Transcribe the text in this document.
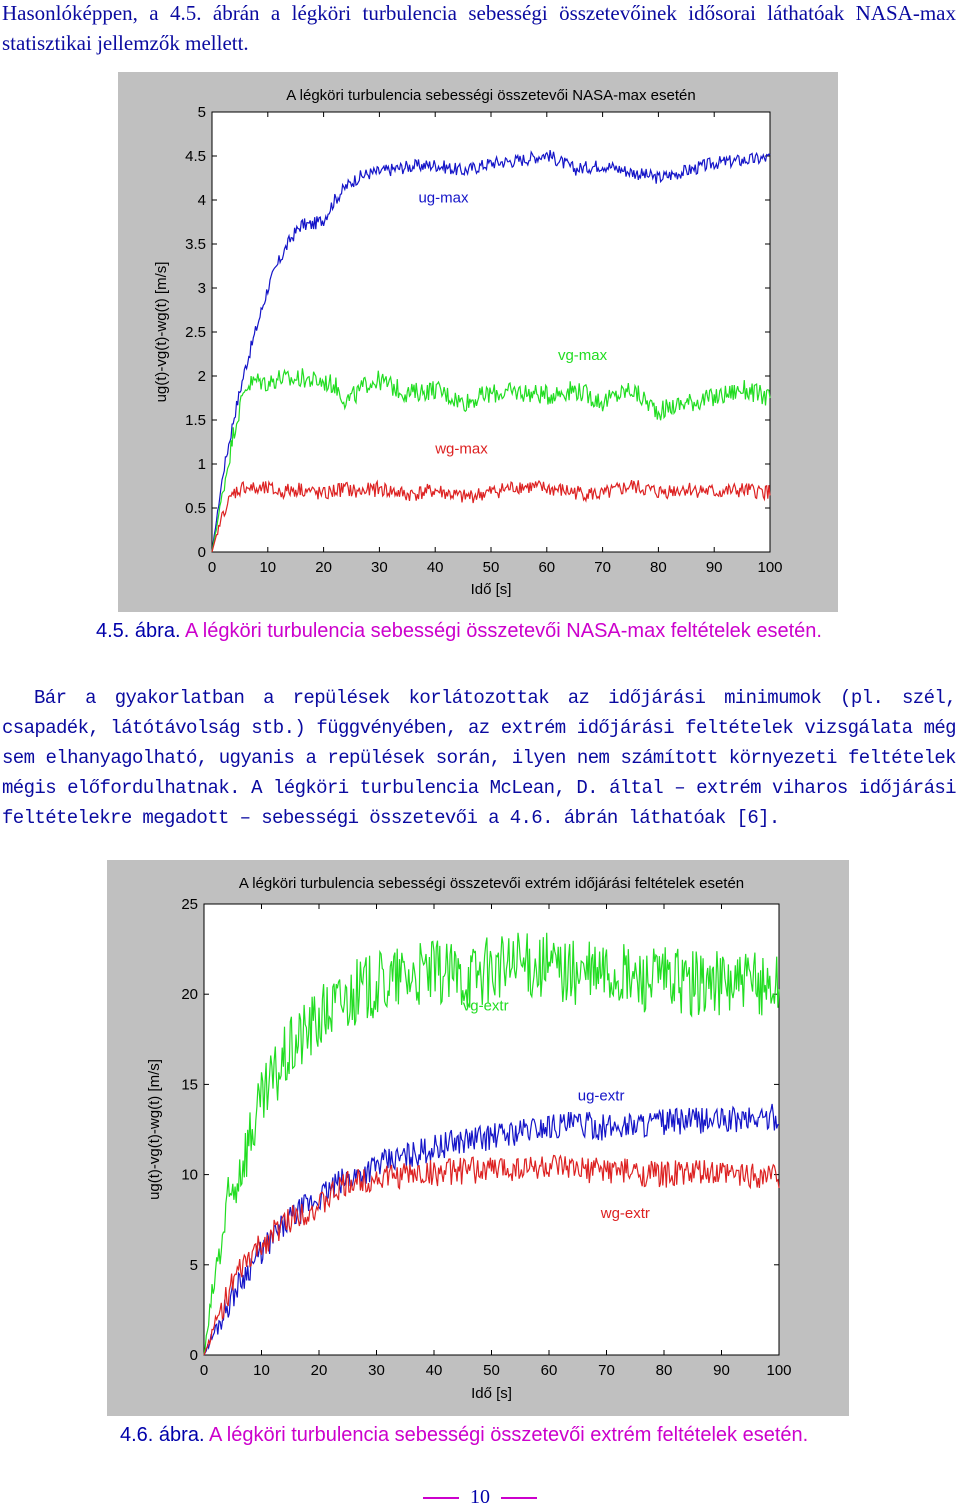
Hasonlóképpen, a 4.5. ábrán a légköri turbulencia sebességi összetevőinek idősorai láthatóak NASA-max statisztikai jellemzők mellett.
A légköri turbulencia sebességi összetevői NASA-max esetén
Idő [s]
ug(t)-vg(t)-wg(t) [m/s]
0	10	20	30	40	50	60	70	80	90 100
0
0.5
1
1.5
2
2.5
3
3.5
4
4.5
5
ug-max
vg-max
wg-max
4.5. ábra. A légköri turbulencia sebességi összetevői NASA-max feltételek esetén.
Bár a gyakorlatban a repülések korlátozottak az időjárási minimumok (pl. szél, csapadék, látótávolság stb.) függvényében, az extrém időjárási feltételek vizsgálata még sem elhanyagolható, ugyanis a repülések során, ilyen nem számított környezeti feltételek mégis előfordulhatnak. A légköri turbulencia McLean, D. által – extrém viharos időjárási feltételekre megadott – sebességi összetevői a 4.6. ábrán láthatóak [6].
A légköri turbulencia sebességi összetevői extrém időjárási feltételek esetén
Idő [s]
ug(t)-vg(t)-wg(t) [m/s]
0	10	20	30	40	50	60	70	80	90 100
0
5
10
15
20
25
vg-extr
ug-extr
wg-extr
4.6. ábra. A légköri turbulencia sebességi összetevői extrém feltételek esetén.
10
